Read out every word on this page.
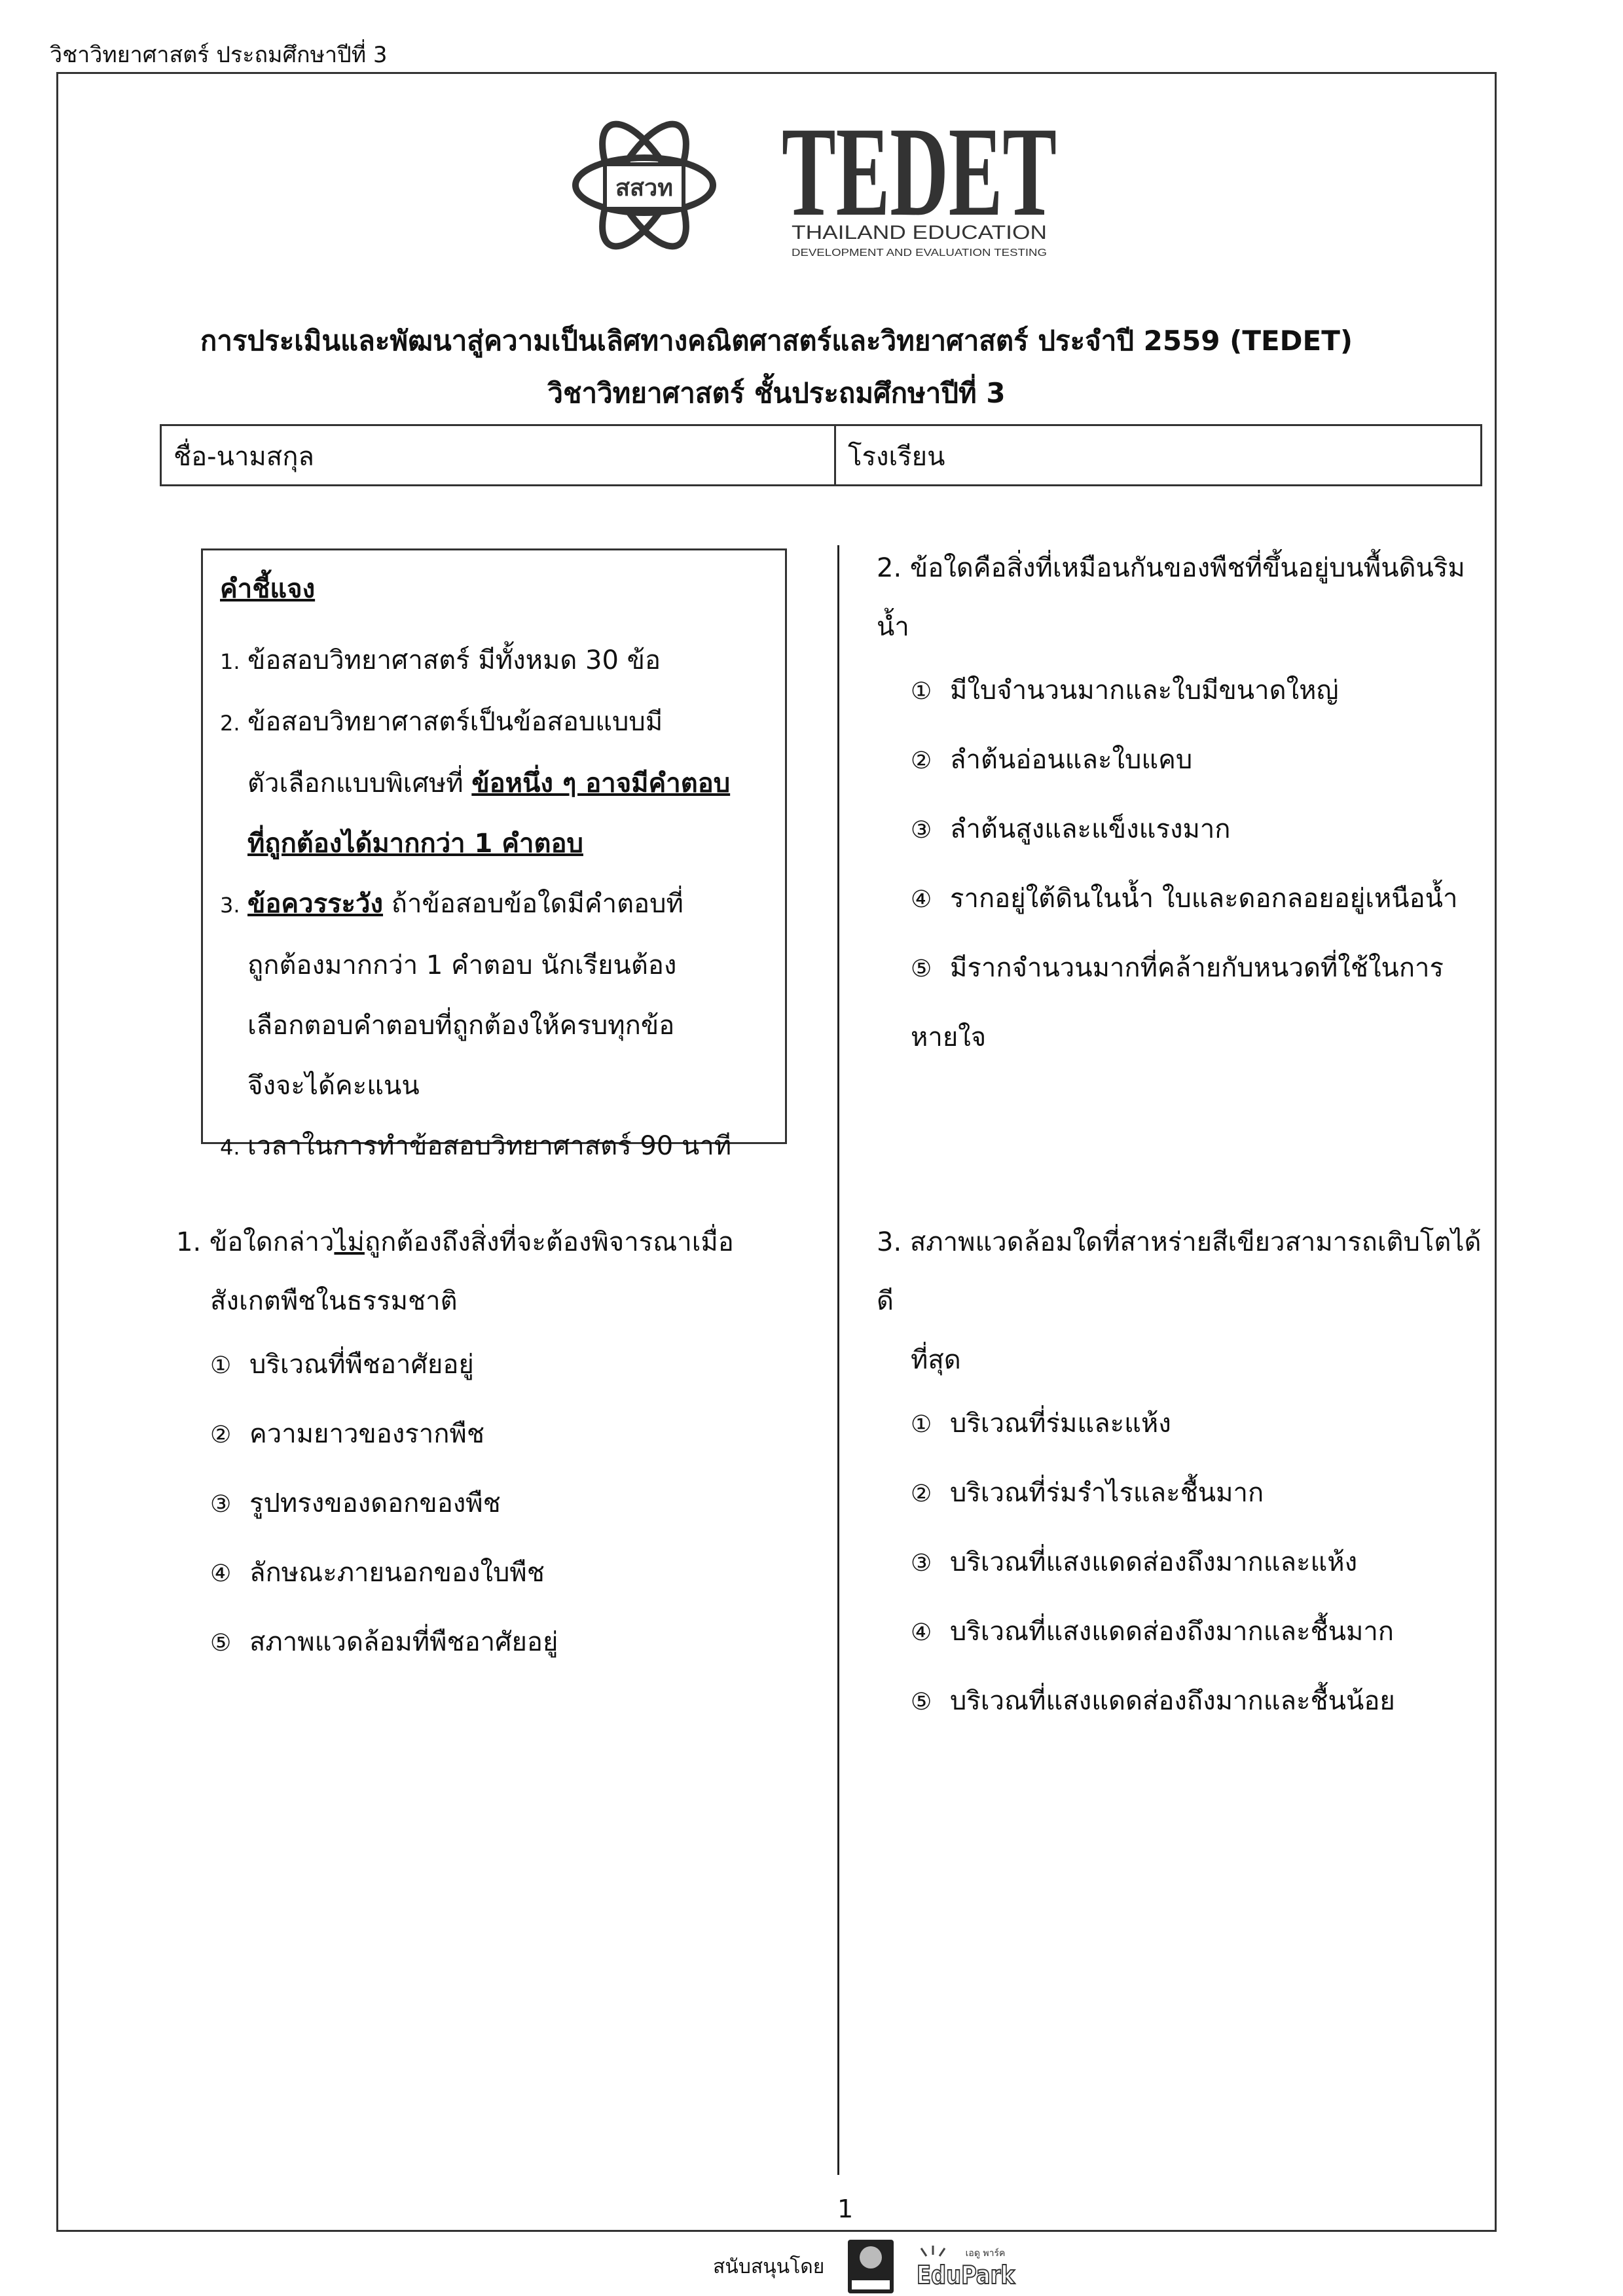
วิชาวิทยาศาสตร์ ประถมศึกษาปีที่ 3
สสวท TEDET
THAILAND EDUCATION
DEVELOPMENT AND EVALUATION TESTING
การประเมินและพัฒนาสู่ความเป็นเลิศทางคณิตศาสตร์และวิทยาศาสตร์ ประจำปี 2559 (TEDET)
วิชาวิทยาศาสตร์ ชั้นประถมศึกษาปีที่ 3
ชื่อ-นามสกุล	โรงเรียน
คำชี้แจง
1. ข้อสอบวิทยาศาสตร์ มีทั้งหมด 30 ข้อ
2. ข้อสอบวิทยาศาสตร์เป็นข้อสอบแบบมี
ตัวเลือกแบบพิเศษที่ ข้อหนึ่ง ๆ อาจมีคำตอบ
ที่ถูกต้องได้มากกว่า 1 คำตอบ
3. ข้อควรระวัง ถ้าข้อสอบข้อใดมีคำตอบที่
ถูกต้องมากกว่า 1 คำตอบ นักเรียนต้อง
เลือกตอบคำตอบที่ถูกต้องให้ครบทุกข้อ
จึงจะได้คะแนน
4. เวลาในการทำข้อสอบวิทยาศาสตร์ 90 นาที
2. ข้อใดคือสิ่งที่เหมือนกันของพืชที่ขึ้นอยู่บนพื้นดินริมน้ำ
① มีใบจำนวนมากและใบมีขนาดใหญ่
② ลำต้นอ่อนและใบแคบ
③ ลำต้นสูงและแข็งแรงมาก
④ รากอยู่ใต้ดินในน้ำ ใบและดอกลอยอยู่เหนือน้ำ
⑤ มีรากจำนวนมากที่คล้ายกับหนวดที่ใช้ในการหายใจ
1. ข้อใดกล่าวไม่ถูกต้องถึงสิ่งที่จะต้องพิจารณาเมื่อ
สังเกตพืชในธรรมชาติ
① บริเวณที่พืชอาศัยอยู่
② ความยาวของรากพืช
③ รูปทรงของดอกของพืช
④ ลักษณะภายนอกของใบพืช
⑤ สภาพแวดล้อมที่พืชอาศัยอยู่
3. สภาพแวดล้อมใดที่สาหร่ายสีเขียวสามารถเติบโตได้ดี
ที่สุด
① บริเวณที่ร่มและแห้ง
② บริเวณที่ร่มรำไรและชื้นมาก
③ บริเวณที่แสงแดดส่องถึงมากและแห้ง
④ บริเวณที่แสงแดดส่องถึงมากและชื้นมาก
⑤ บริเวณที่แสงแดดส่องถึงมากและชื้นน้อย
1
สนับสนุนโดย
เอดู พาร์ค
EduPark
